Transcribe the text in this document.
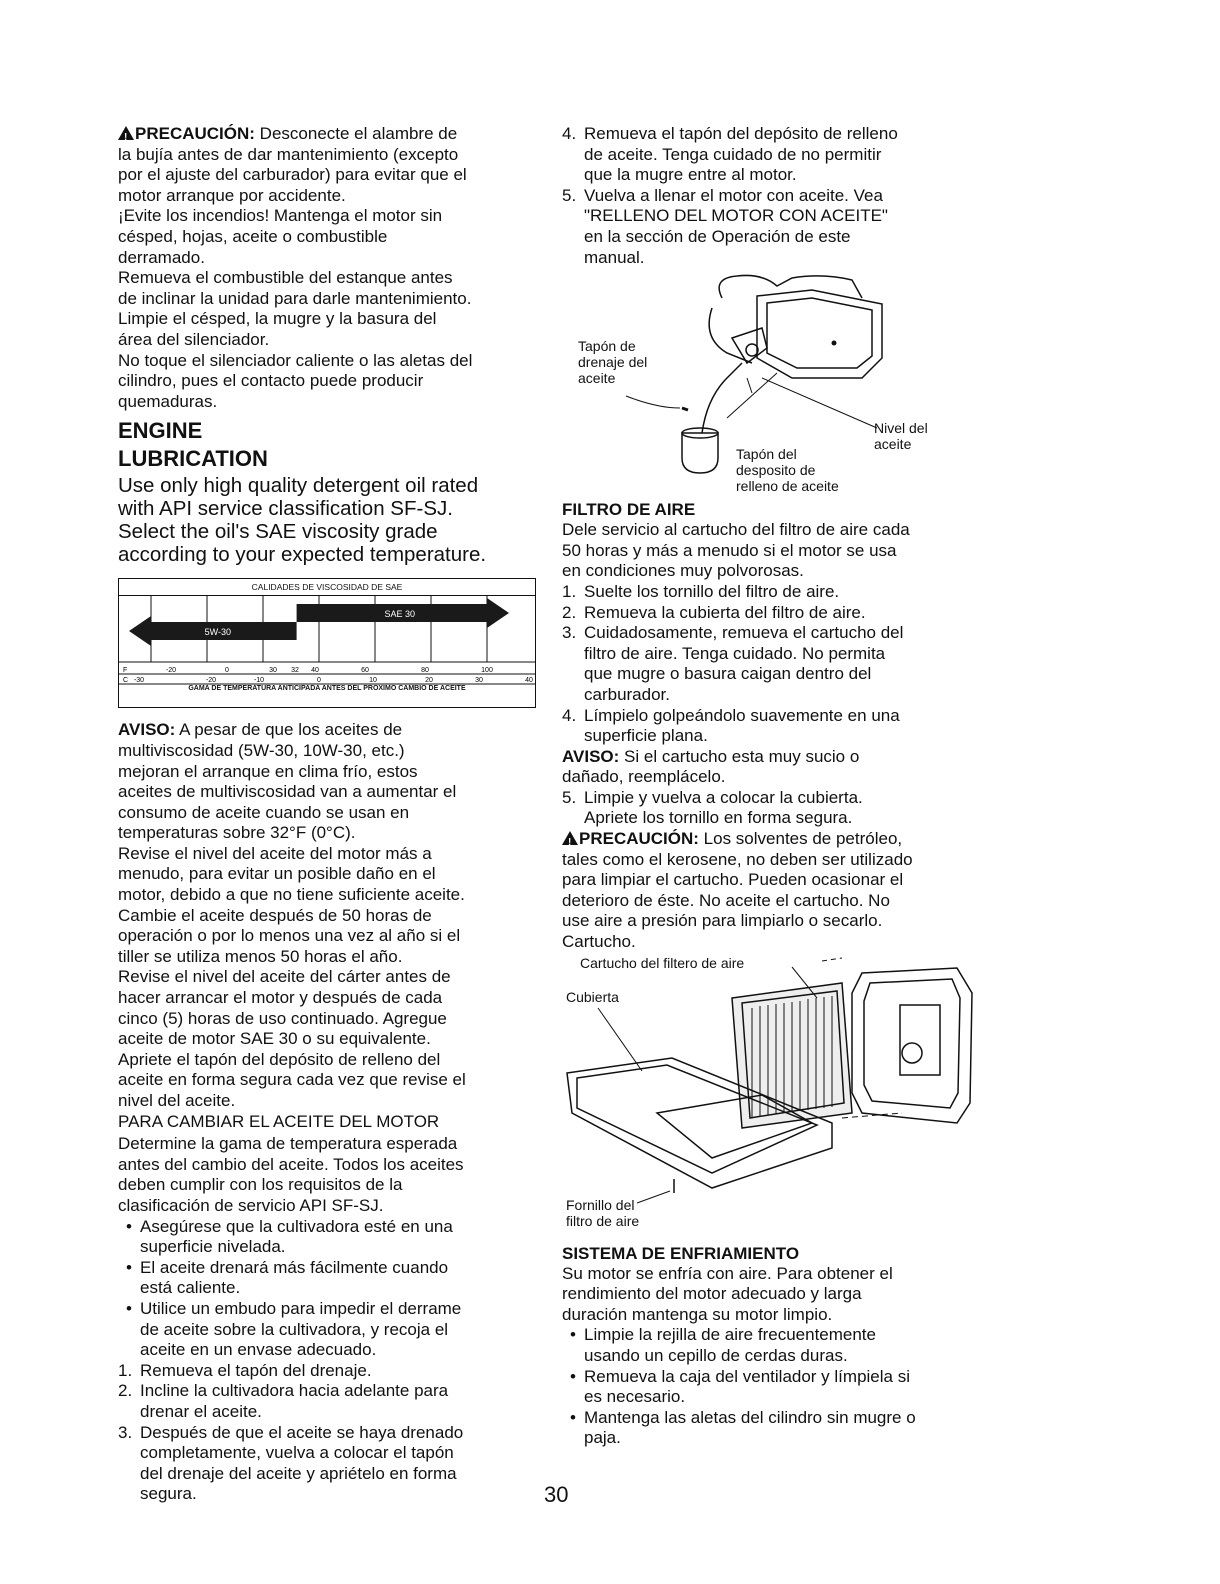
!PRECAUCIÓN: Desconecte el alambre de
la bujía antes de dar mantenimiento (excepto
por el ajuste del carburador) para evitar que el
motor arranque por accidente.
¡Evite los incendios! Mantenga el motor sin
césped, hojas, aceite o combustible
derramado.
Remueva el combustible del estanque antes
de inclinar la unidad para darle mantenimiento.
Limpie el césped, la mugre y la basura del
área del silenciador.
No toque el silenciador caliente o las aletas del
cilindro, pues el contacto puede producir
quemaduras.

ENGINE
LUBRICATION

Use only high quality detergent oil rated
with API service classification SF-SJ.
Select the oil's SAE viscosity grade
according to your expected temperature.

CALIDADES DE VISCOSIDAD DE SAE
SAE 30
5W-30
F
C
-20	0	30 32 40	60	80	100
-30	-20	-10	0	10	20	30	40
GAMA DE TEMPERATURA ANTICIPADA ANTES DEL PROXIMO CAMBIO DE ACEITE

AVISO: A pesar de que los aceites de
multiviscosidad (5W-30, 10W-30, etc.)
mejoran el arranque en clima frío, estos
aceites de multiviscosidad van a aumentar el
consumo de aceite cuando se usan en
temperaturas sobre 32°F (0°C).
Revise el nivel del aceite del motor más a
menudo, para evitar un posible daño en el
motor, debido a que no tiene suficiente aceite.
Cambie el aceite después de 50 horas de
operación o por lo menos una vez al año si el
tiller se utiliza menos 50 horas el año.
Revise el nivel del aceite del cárter antes de
hacer arrancar el motor y después de cada
cinco (5) horas de uso continuado. Agregue
aceite de motor SAE 30 o su equivalente.
Apriete el tapón del depósito de relleno del
aceite en forma segura cada vez que revise el
nivel del aceite.

PARA CAMBIAR EL ACEITE DEL MOTOR

Determine la gama de temperatura esperada
antes del cambio del aceite. Todos los aceites
deben cumplir con los requisitos de la
clasificación de servicio API SF-SJ.

• Asegúrese que la cultivadora esté en una
superficie nivelada.
• El aceite drenará más fácilmente cuando
está caliente.
• Utilice un embudo para impedir el derrame
de aceite sobre la cultivadora, y recoja el
aceite en un envase adecuado.
1. Remueva el tapón del drenaje.
2. Incline la cultivadora hacia adelante para
drenar el aceite.
3. Después de que el aceite se haya drenado
completamente, vuelva a colocar el tapón
del drenaje del aceite y apriételo en forma
segura.
4. Remueva el tapón del depósito de relleno
de aceite. Tenga cuidado de no permitir
que la mugre entre al motor.
5. Vuelva a llenar el motor con aceite. Vea
"RELLENO DEL MOTOR CON ACEITE"
en la sección de Operación de este
manual.
Tapón de
drenaje del
aceite
Nivel del
aceite
Tapón del
desposito de
relleno de aceite
FILTRO DE AIRE

Dele servicio al cartucho del filtro de aire cada
50 horas y más a menudo si el motor se usa
en condiciones muy polvorosas.

1. Suelte los tornillo del filtro de aire.
2. Remueva la cubierta del filtro de aire.
3. Cuidadosamente, remueva el cartucho del
filtro de aire. Tenga cuidado. No permita
que mugre o basura caigan dentro del
carburador.
4. Límpielo golpeándolo suavemente en una
superficie plana.

AVISO: Si el cartucho esta muy sucio o
dañado, reemplácelo.

5. Limpie y vuelva a colocar la cubierta.
Apriete los tornillo en forma segura.

!PRECAUCIÓN: Los solventes de petróleo,
tales como el kerosene, no deben ser utilizado
para limpiar el cartucho. Pueden ocasionar el
deterioro de éste. No aceite el cartucho. No
use aire a presión para limpiarlo o secarlo.
Cartucho.

Cartucho del filtero de aire
Cubierta
Fornillo del
filtro de aire
SISTEMA DE ENFRIAMIENTO

Su motor se enfría con aire. Para obtener el
rendimiento del motor adecuado y larga
duración mantenga su motor limpio.

• Limpie la rejilla de aire frecuentemente
usando un cepillo de cerdas duras.
• Remueva la caja del ventilador y límpiela si
es necesario.
• Mantenga las aletas del cilindro sin mugre o
paja.
30
